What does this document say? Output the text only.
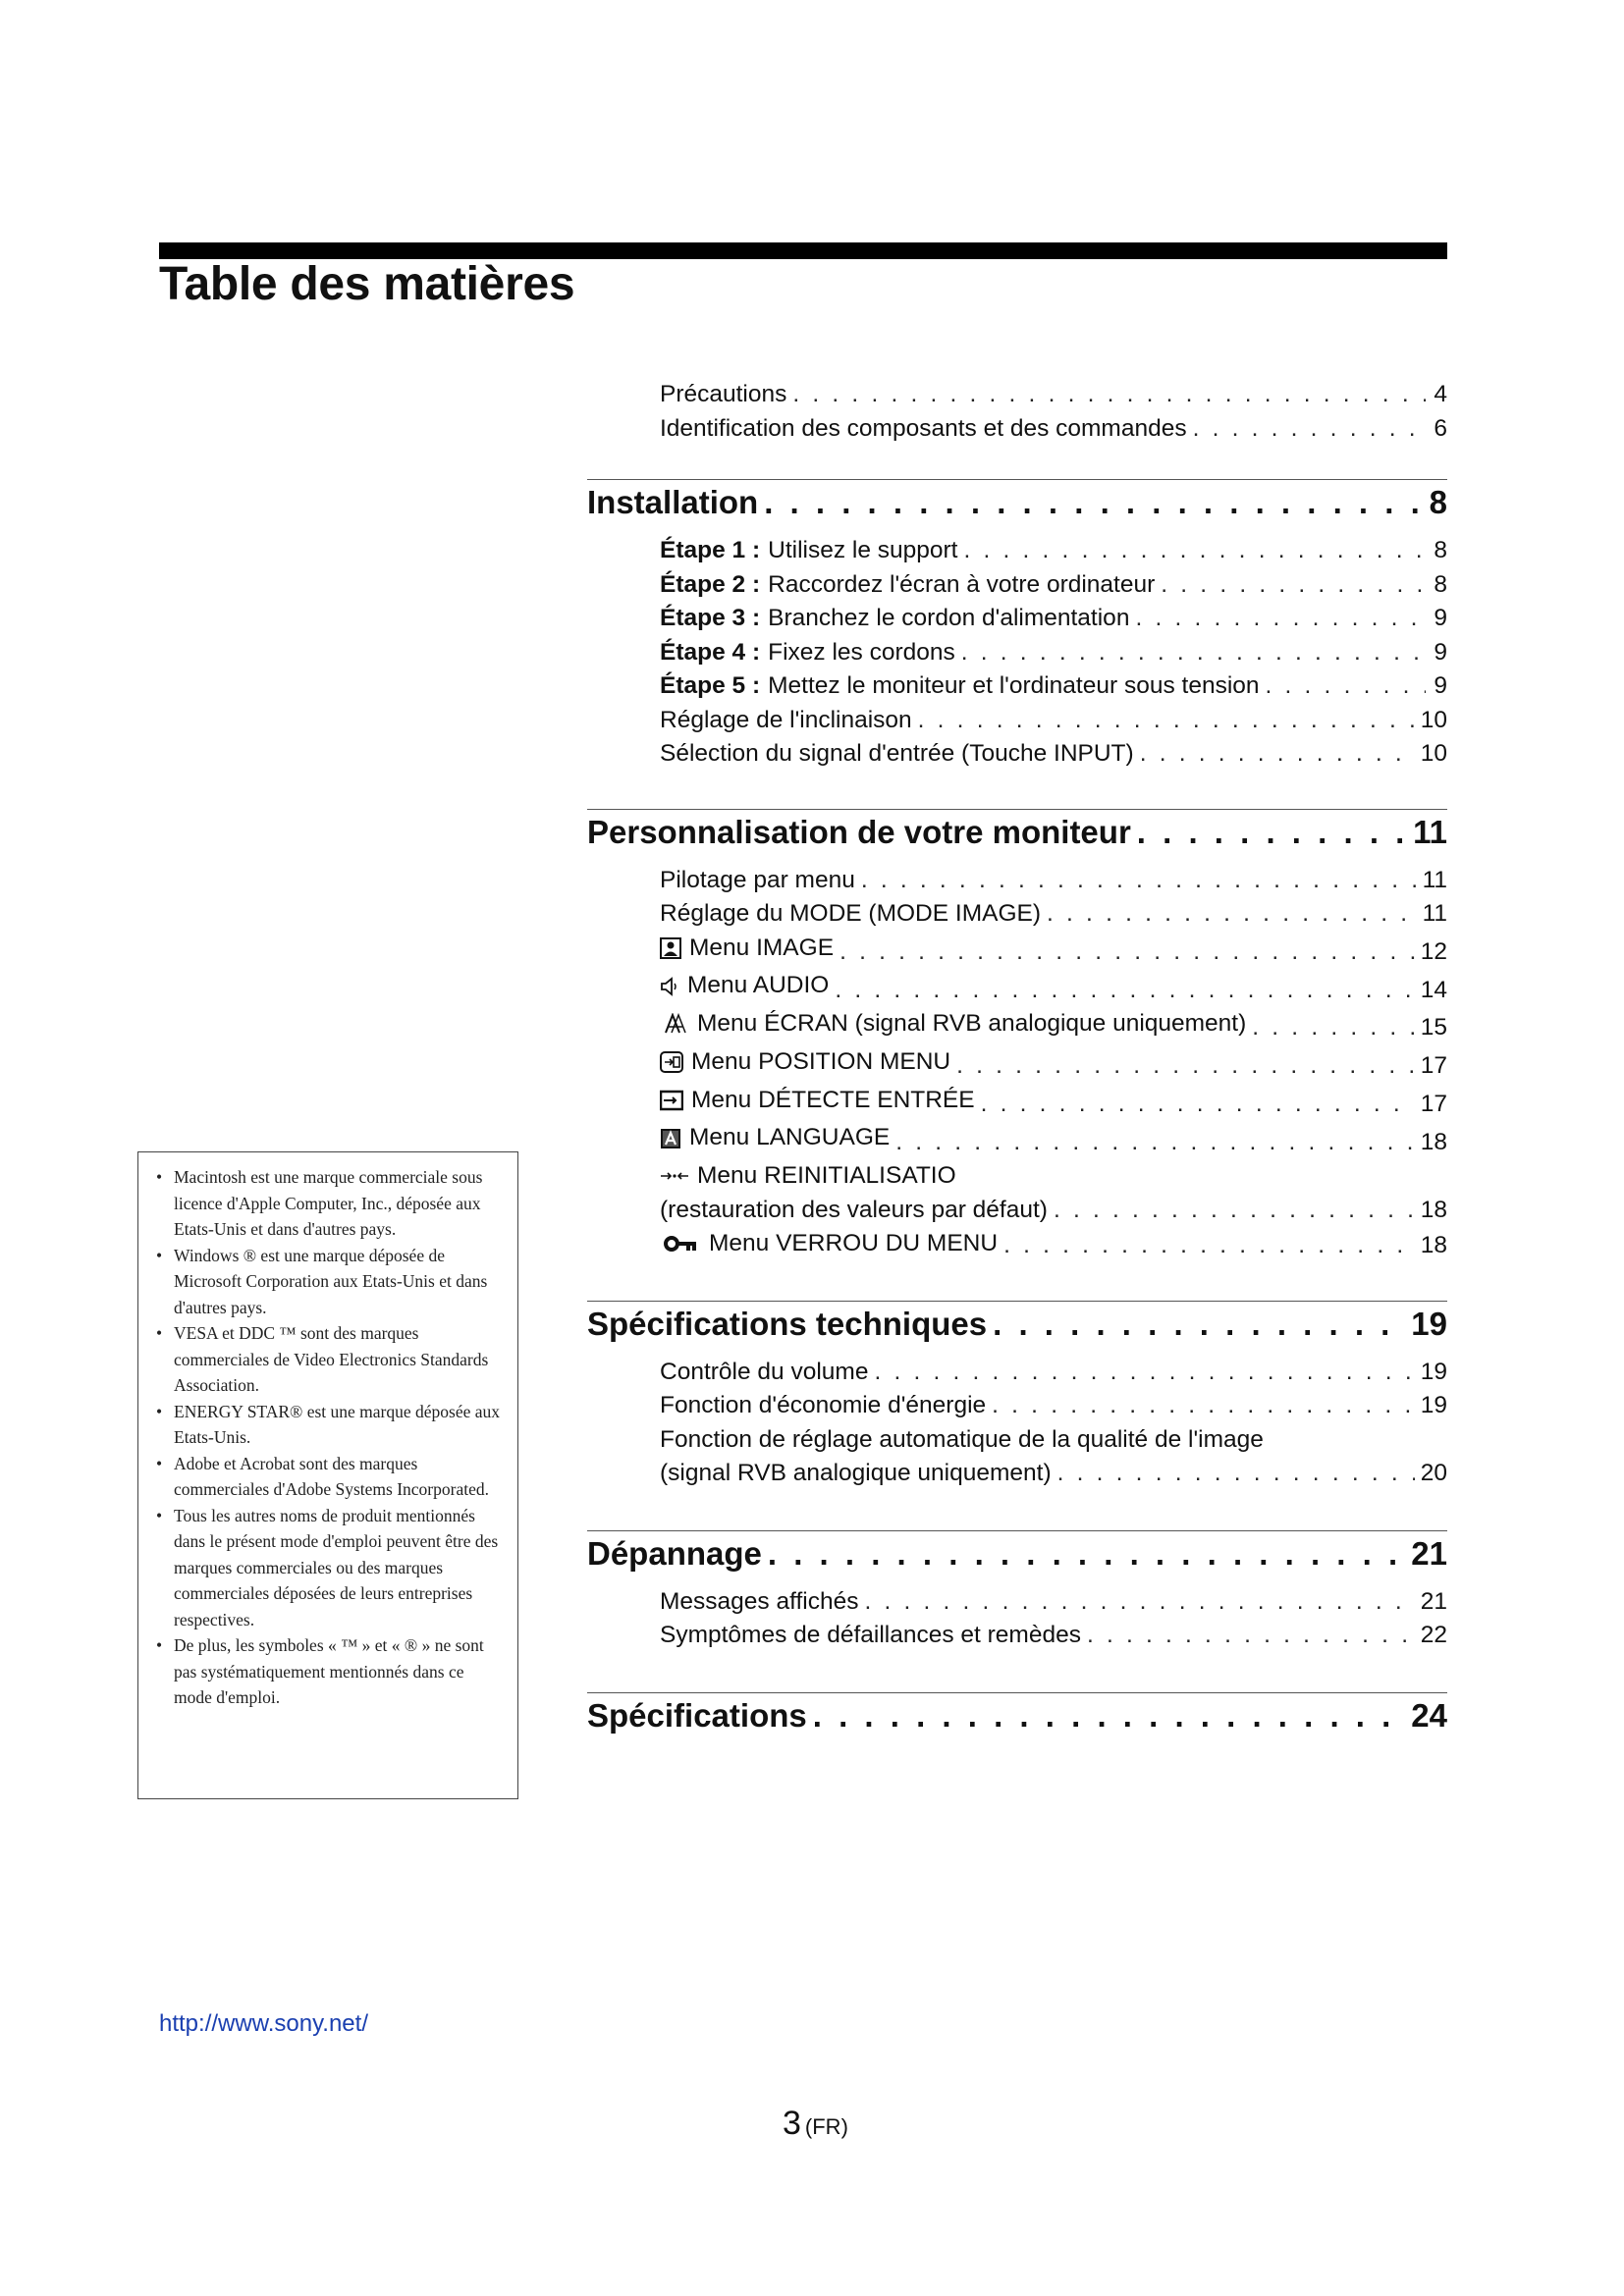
Table des matières
Précautions . . .	4
Identification des composants et des commandes . . .	6
Installation . . .	8
Étape 1 : Utilisez le support . . .	8
Étape 2 : Raccordez l'écran à votre ordinateur . . .	8
Étape 3 : Branchez le cordon d'alimentation . . .	9
Étape 4 : Fixez les cordons . . .	9
Étape 5 : Mettez le moniteur et l'ordinateur sous tension . . .	9
Réglage de l'inclinaison . . .	10
Sélection du signal d'entrée (Touche INPUT) . . .	10
Personnalisation de votre moniteur . . .	11
Pilotage par menu . . .	11
Réglage du MODE (MODE IMAGE) . . .	11
Menu IMAGE . . .	12
Menu AUDIO . . .	14
Menu ÉCRAN (signal RVB analogique uniquement) . . .	15
Menu POSITION MENU . . .	17
Menu DÉTECTE ENTRÉE . . .	17
Menu LANGUAGE . . .	18
Menu REINITIALISATIO
(restauration des valeurs par défaut) . . .	18
Menu VERROU DU MENU . . .	18
Spécifications techniques . . .	19
Contrôle du volume . . .	19
Fonction d'économie d'énergie . . .	19
Fonction de réglage automatique de la qualité de l'image
(signal RVB analogique uniquement) . . .	20
Dépannage . . .	21
Messages affichés . . .	21
Symptômes de défaillances et remèdes . . .	22
Spécifications . . .	24
• Macintosh est une marque commerciale sous licence d'Apple Computer, Inc., déposée aux Etats-Unis et dans d'autres pays.
• Windows ® est une marque déposée de Microsoft Corporation aux Etats-Unis et dans d'autres pays.
• VESA et DDC ™ sont des marques commerciales de Video Electronics Standards Association.
• ENERGY STAR® est une marque déposée aux Etats-Unis.
• Adobe et Acrobat sont des marques commerciales d'Adobe Systems Incorporated.
• Tous les autres noms de produit mentionnés dans le présent mode d'emploi peuvent être des marques commerciales ou des marques commerciales déposées de leurs entreprises respectives.
• De plus, les symboles « ™ » et « ® » ne sont pas systématiquement mentionnés dans ce mode d'emploi.
http://www.sony.net/
3 (FR)
